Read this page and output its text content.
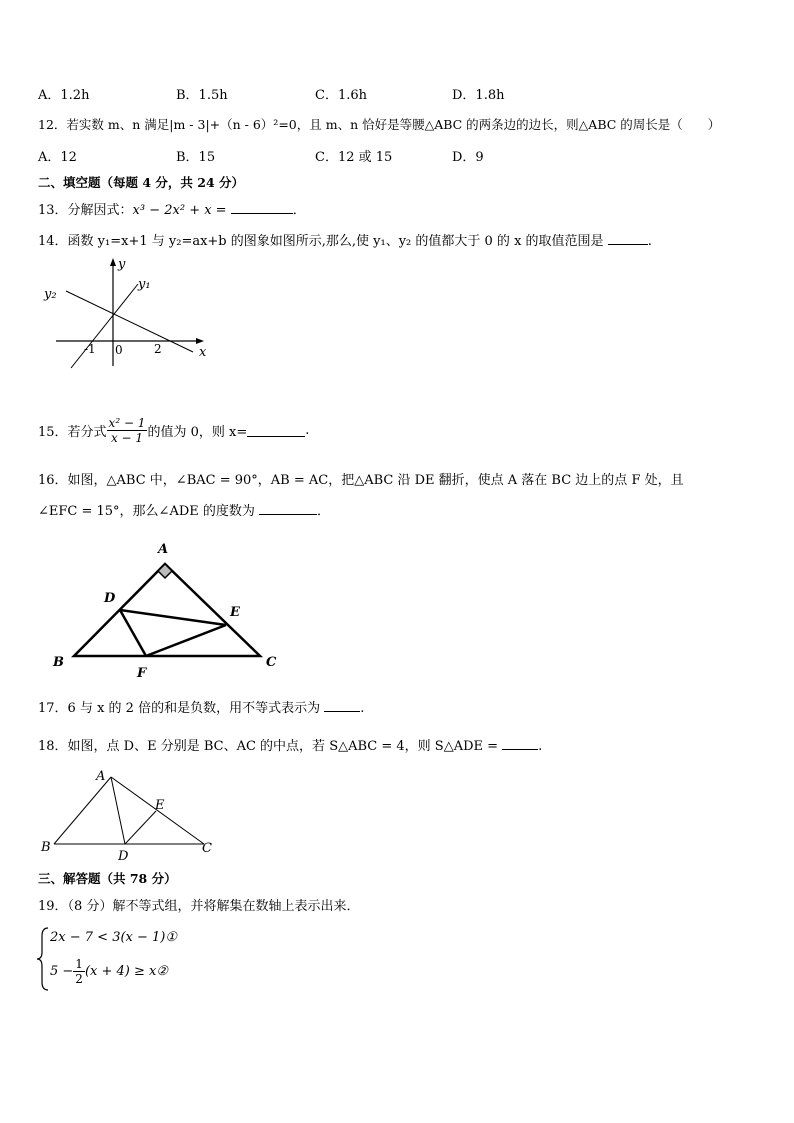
A．1.2h	B．1.5h	C．1.6h	D．1.8h
12．若实数 m、n 满足|m - 3|+（n - 6）²=0，且 m、n 恰好是等腰△ABC 的两条边的边长，则△ABC 的周长是（　　）
A．12	B．15	C．12 或 15	D．9
二、填空题（每题 4 分，共 24 分）
13．分解因式：x³ − 2x² + x =	．
14．函数 y₁=x+1 与 y₂=ax+b 的图象如图所示,那么,使 y₁、y₂ 的值都大于 0 的 x 的取值范围是	.
y
x
y₁
y₂
-1 0	2
15．若分式 $\frac{\text{x² − 1}}{x - 1}$ 的值为 0，则 x=	.
16．如图，△ABC 中，∠BAC = 90°，AB = AC，把△ABC 沿 DE 翻折，使点 A 落在 BC 边上的点 F 处，且
∠EFC = 15°，那么∠ADE 的度数为	．
A
D
E
B	C
F
17．6 与 x 的 2 倍的和是负数，用不等式表示为	.
18．如图，点 D、E 分别是 BC、AC 的中点，若 S△ABC = 4，则 S△ADE =	.
A
E
B
D
C
三、解答题（共 78 分）
19．（8 分）解不等式组，并将解集在数轴上表示出来．
2x − 7 < 3(x − 1)①
$5 - \frac{1}{2} (x + 4)$ ≥ x②
